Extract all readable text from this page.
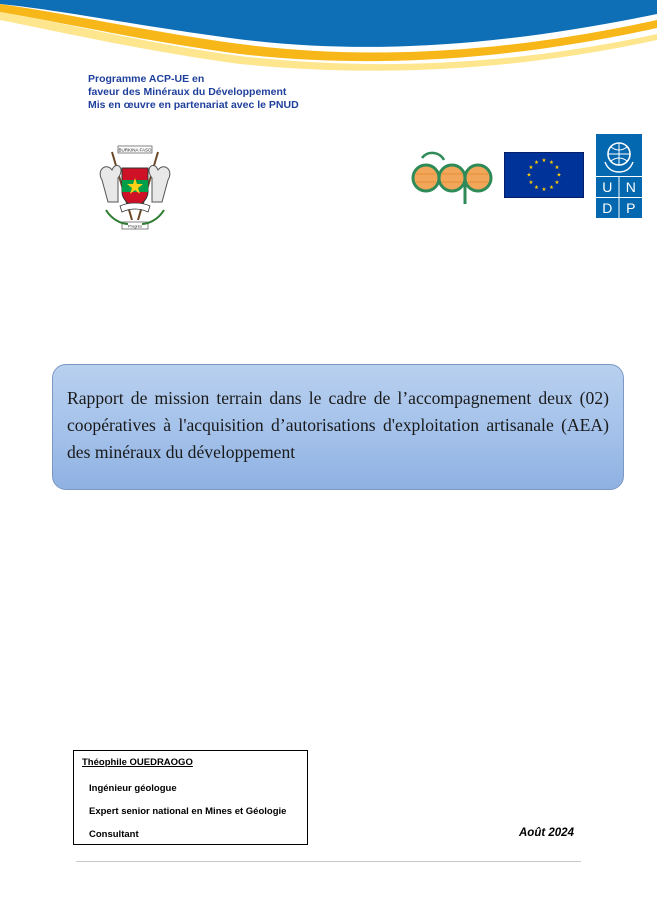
Programme ACP-UE en
faveur des Minéraux du Développement
Mis en œuvre en partenariat avec le PNUD
BURKINA FASO
Progrès
★ ★
★
★
★
★
★
★
★
★
★
★
U N
D P
Rapport de mission terrain dans le cadre de l’accompagnement deux (02) coopératives à l'acquisition d’autorisations d'exploitation artisanale (AEA) des minéraux du développement
Théophile OUEDRAOGO
Ingénieur géologue
Expert senior national en Mines et Géologie
Consultant	Août 2024
